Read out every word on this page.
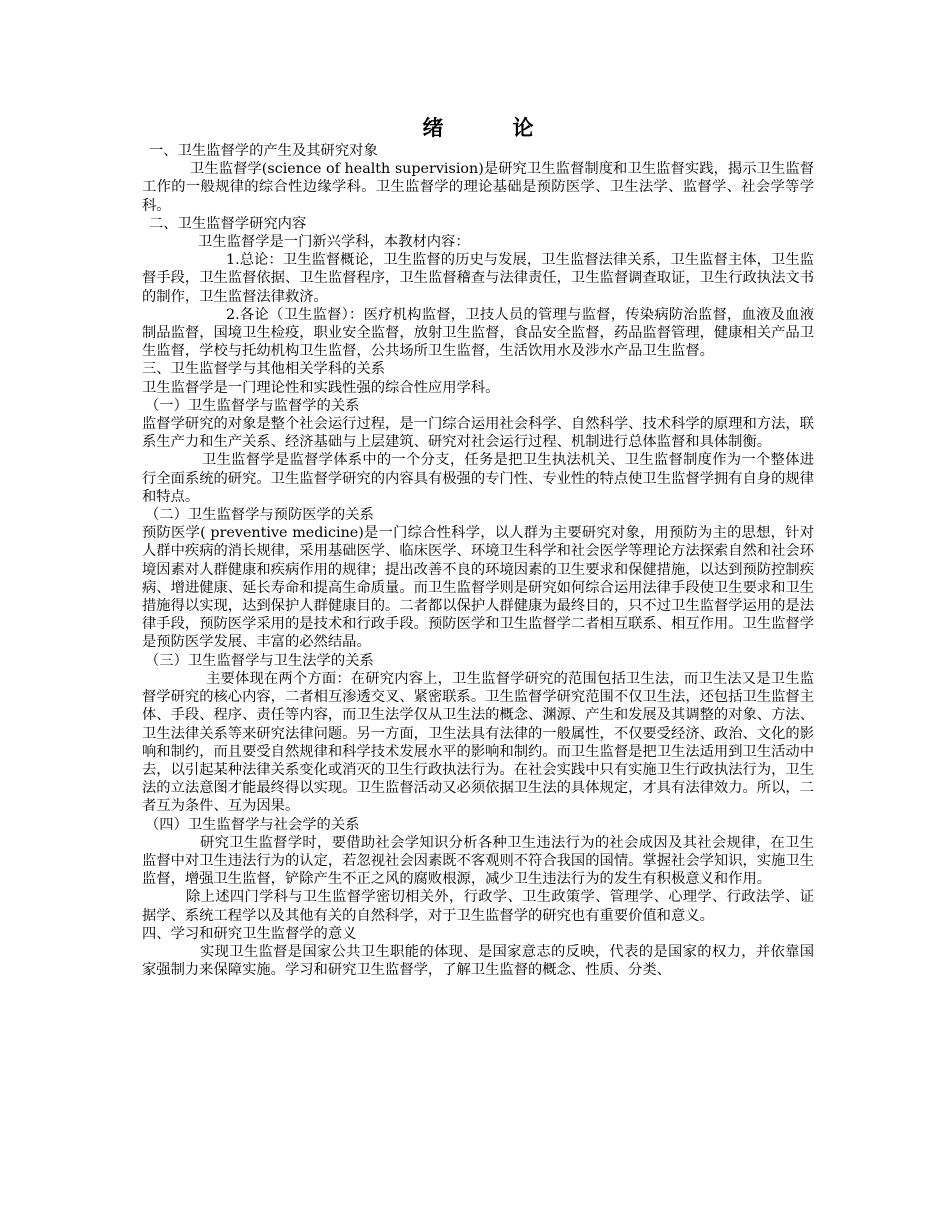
绪　论

一、卫生监督学的产生及其研究对象

卫生监督学(science of health supervision)是研究卫生监督制度和卫生监督实践，揭示卫生监督工作的一般规律的综合性边缘学科。卫生监督学的理论基础是预防医学、卫生法学、监督学、社会学等学科。

二、卫生监督学研究内容

卫生监督学是一门新兴学科，本教材内容：

1.总论：卫生监督概论，卫生监督的历史与发展，卫生监督法律关系，卫生监督主体，卫生监督手段，卫生监督依据、卫生监督程序，卫生监督稽查与法律责任，卫生监督调查取证，卫生行政执法文书的制作，卫生监督法律救济。

2.各论（卫生监督）：医疗机构监督，卫技人员的管理与监督，传染病防治监督，血液及血液制品监督，国境卫生检疫，职业安全监督，放射卫生监督，食品安全监督，药品监督管理，健康相关产品卫生监督，学校与托幼机构卫生监督，公共场所卫生监督，生活饮用水及涉水产品卫生监督。

三、卫生监督学与其他相关学科的关系

卫生监督学是一门理论性和实践性强的综合性应用学科。

（一）卫生监督学与监督学的关系

监督学研究的对象是整个社会运行过程，是一门综合运用社会科学、自然科学、技术科学的原理和方法，联系生产力和生产关系、经济基础与上层建筑、研究对社会运行过程、机制进行总体监督和具体制衡。

卫生监督学是监督学体系中的一个分支，任务是把卫生执法机关、卫生监督制度作为一个整体进行全面系统的研究。卫生监督学研究的内容具有极强的专门性、专业性的特点使卫生监督学拥有自身的规律和特点。

（二）卫生监督学与预防医学的关系

预防医学( preventive medicine)是一门综合性科学，以人群为主要研究对象，用预防为主的思想，针对人群中疾病的消长规律，采用基础医学、临床医学、环境卫生科学和社会医学等理论方法探索自然和社会环境因素对人群健康和疾病作用的规律；提出改善不良的环境因素的卫生要求和保健措施，以达到预防控制疾病、增进健康、延长寿命和提高生命质量。而卫生监督学则是研究如何综合运用法律手段使卫生要求和卫生措施得以实现，达到保护人群健康目的。二者都以保护人群健康为最终目的，只不过卫生监督学运用的是法律手段，预防医学采用的是技术和行政手段。预防医学和卫生监督学二者相互联系、相互作用。卫生监督学是预防医学发展、丰富的必然结晶。

（三）卫生监督学与卫生法学的关系

主要体现在两个方面：在研究内容上，卫生监督学研究的范围包括卫生法，而卫生法又是卫生监督学研究的核心内容，二者相互渗透交叉、紧密联系。卫生监督学研究范围不仅卫生法，还包括卫生监督主体、手段、程序、责任等内容，而卫生法学仅从卫生法的概念、渊源、产生和发展及其调整的对象、方法、卫生法律关系等来研究法律问题。另一方面，卫生法具有法律的一般属性，不仅要受经济、政治、文化的影响和制约，而且要受自然规律和科学技术发展水平的影响和制约。而卫生监督是把卫生法适用到卫生活动中去，以引起某种法律关系变化或消灭的卫生行政执法行为。在社会实践中只有实施卫生行政执法行为，卫生法的立法意图才能最终得以实现。卫生监督活动又必须依据卫生法的具体规定，才具有法律效力。所以，二者互为条件、互为因果。

（四）卫生监督学与社会学的关系

研究卫生监督学时，要借助社会学知识分析各种卫生违法行为的社会成因及其社会规律，在卫生监督中对卫生违法行为的认定，若忽视社会因素既不客观则不符合我国的国情。掌握社会学知识，实施卫生监督，增强卫生监督，铲除产生不正之风的腐败根源，减少卫生违法行为的发生有积极意义和作用。

除上述四门学科与卫生监督学密切相关外，行政学、卫生政策学、管理学、心理学、行政法学、证据学、系统工程学以及其他有关的自然科学，对于卫生监督学的研究也有重要价值和意义。

四、学习和研究卫生监督学的意义

实现卫生监督是国家公共卫生职能的体现、是国家意志的反映，代表的是国家的权力，并依靠国家强制力来保障实施。学习和研究卫生监督学，了解卫生监督的概念、性质、分类、
